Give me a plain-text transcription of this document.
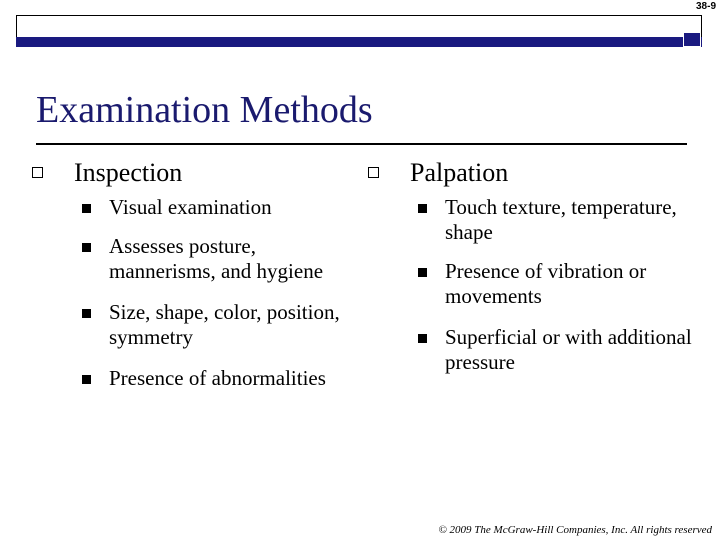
38-9
Examination Methods
Inspection
Visual examination
Assesses posture, mannerisms, and hygiene
Size, shape, color, position, symmetry
Presence of abnormalities
Palpation
Touch texture, temperature, shape
Presence of vibration or movements
Superficial or with additional pressure
© 2009 The McGraw-Hill Companies, Inc. All rights reserved
